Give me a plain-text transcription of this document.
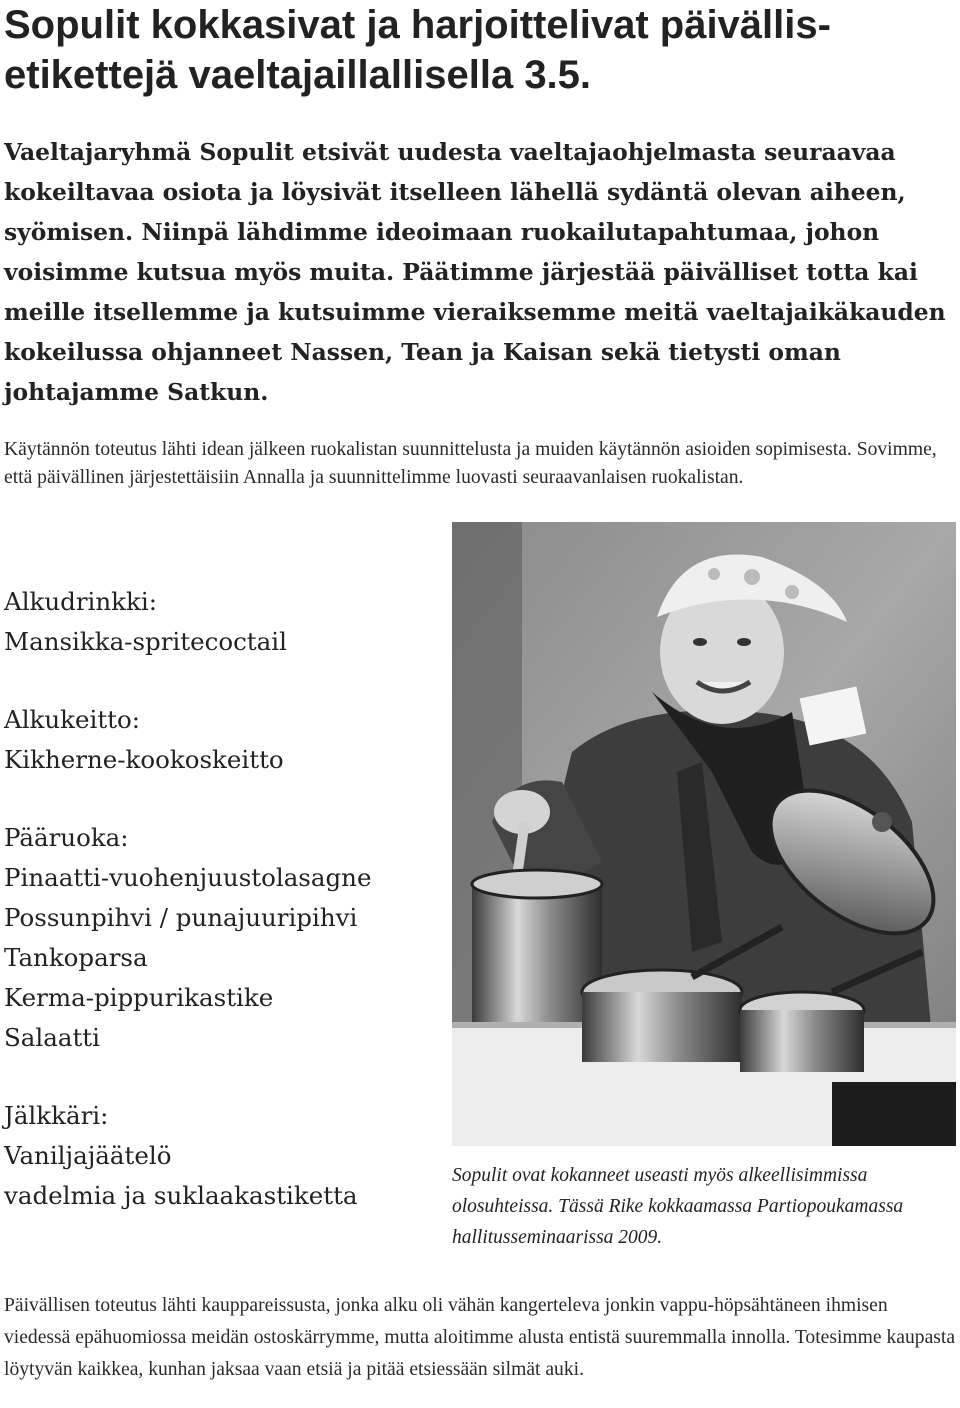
Sopulit kokkasivat ja harjoittelivat päivällisetikettejä vaeltajaillallisella 3.5.

Vaeltajaryhmä Sopulit etsivät uudesta vaeltajaohjelmasta seuraavaa kokeiltavaa osiota ja löysivät itselleen lähellä sydäntä olevan aiheen, syömisen. Niinpä lähdimme ideoimaan ruokailutapahtumaa, johon voisimme kutsua myös muita. Päätimme järjestää päivälliset totta kai meille itsellemme ja kutsuimme vieraiksemme meitä vaeltajaikäkauden kokeilussa ohjanneet Nassen, Tean ja Kaisan sekä tietysti oman johtajamme Satkun.

Käytännön toteutus lähti idean jälkeen ruokalistan suunnittelusta ja muiden käytännön asioiden sopimisesta. Sovimme, että päivällinen järjestettäisiin Annalla ja suunnittelimme luovasti seuraavanlaisen ruokalistan.

Alkudrinkki:
Mansikka-spritecoctail
Alkukeitto:
Kikherne-kookoskeitto
Pääruoka:
Pinaatti-vuohenjuustolasagne
Possunpihvi / punajuuripihvi
Tankoparsa
Kerma-pippurikastike
Salaatti
Jälkkäri:
Vaniljajäätelö
vadelmia ja suklaakastiketta

Sopulit ovat kokanneet useasti myös alkeellisimmissa olosuhteissa. Tässä Rike kokkaamassa Partiopoukamassa hallitusseminaarissa 2009.

Päivällisen toteutus lähti kauppareissusta, jonka alku oli vähän kangerteleva jonkin vappu-höpsähtäneen ihmisen viedessä epähuomiossa meidän ostoskärrymme, mutta aloitimme alusta entistä suuremmalla innolla. Totesimme kaupasta löytyvän kaikkea, kunhan jaksaa vaan etsiä ja pitää etsiessään silmät auki.
